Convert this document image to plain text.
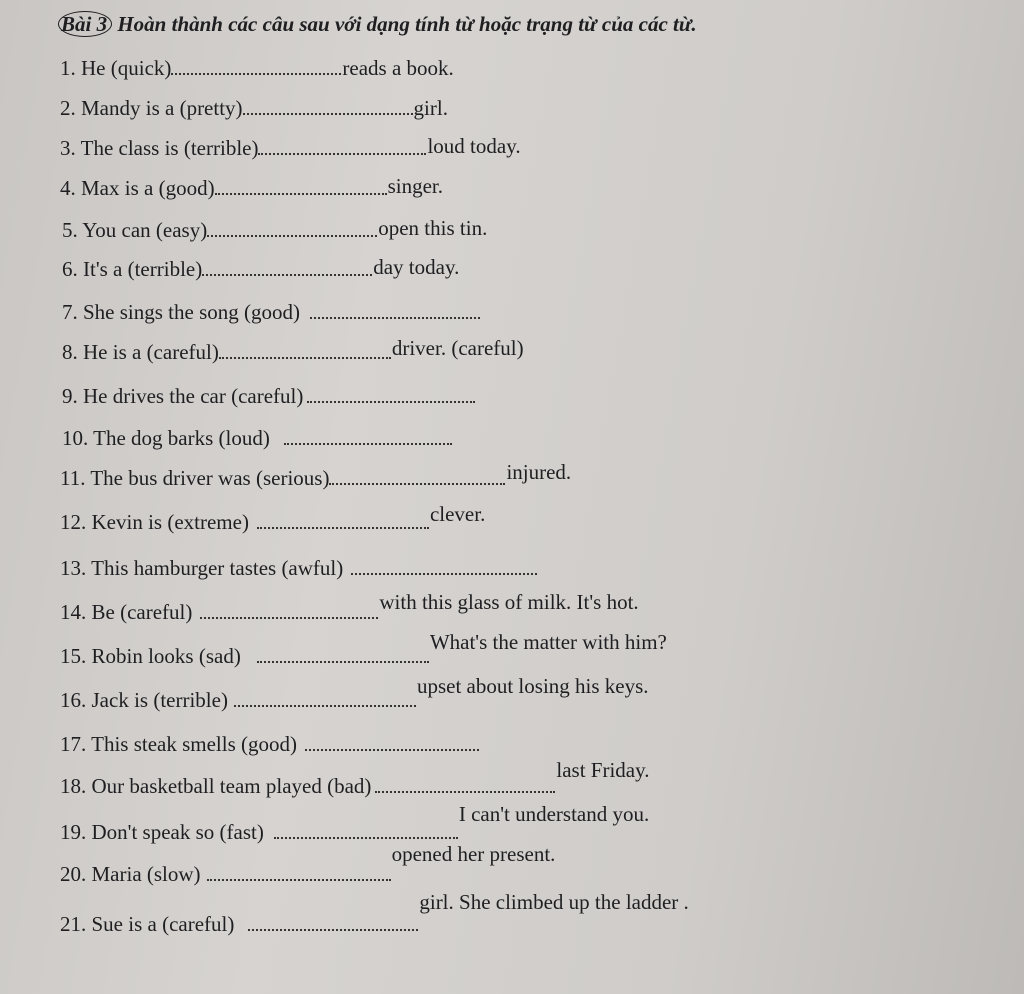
Bài 3 Hoàn thành các câu sau với dạng tính từ hoặc trạng từ của các từ.
1. He (quick)	reads a book.
2. Mandy is a (pretty)	girl.
3. The class is (terrible)	loud today.
4. Max is a (good)	singer.
5. You can (easy)	open this tin.
6. It's a (terrible)	day today.
7. She sings the song (good)
8. He is a (careful)	driver. (careful)
9. He drives the car (careful)
10. The dog barks (loud)
11. The bus driver was (serious)	injured.
12. Kevin is (extreme)	clever.
13. This hamburger tastes (awful)
14. Be (careful)	with this glass of milk. It's hot.
15. Robin looks (sad)What's the matter with him?
16. Jack is (terrible)upset about losing his keys.
17. This steak smells (good)
18. Our basketball team played (bad)last Friday.
19. Don't speak so (fast)I can't understand you.
20. Maria (slow)opened her present.
21. Sue is a (careful)girl. She climbed up the ladder .
